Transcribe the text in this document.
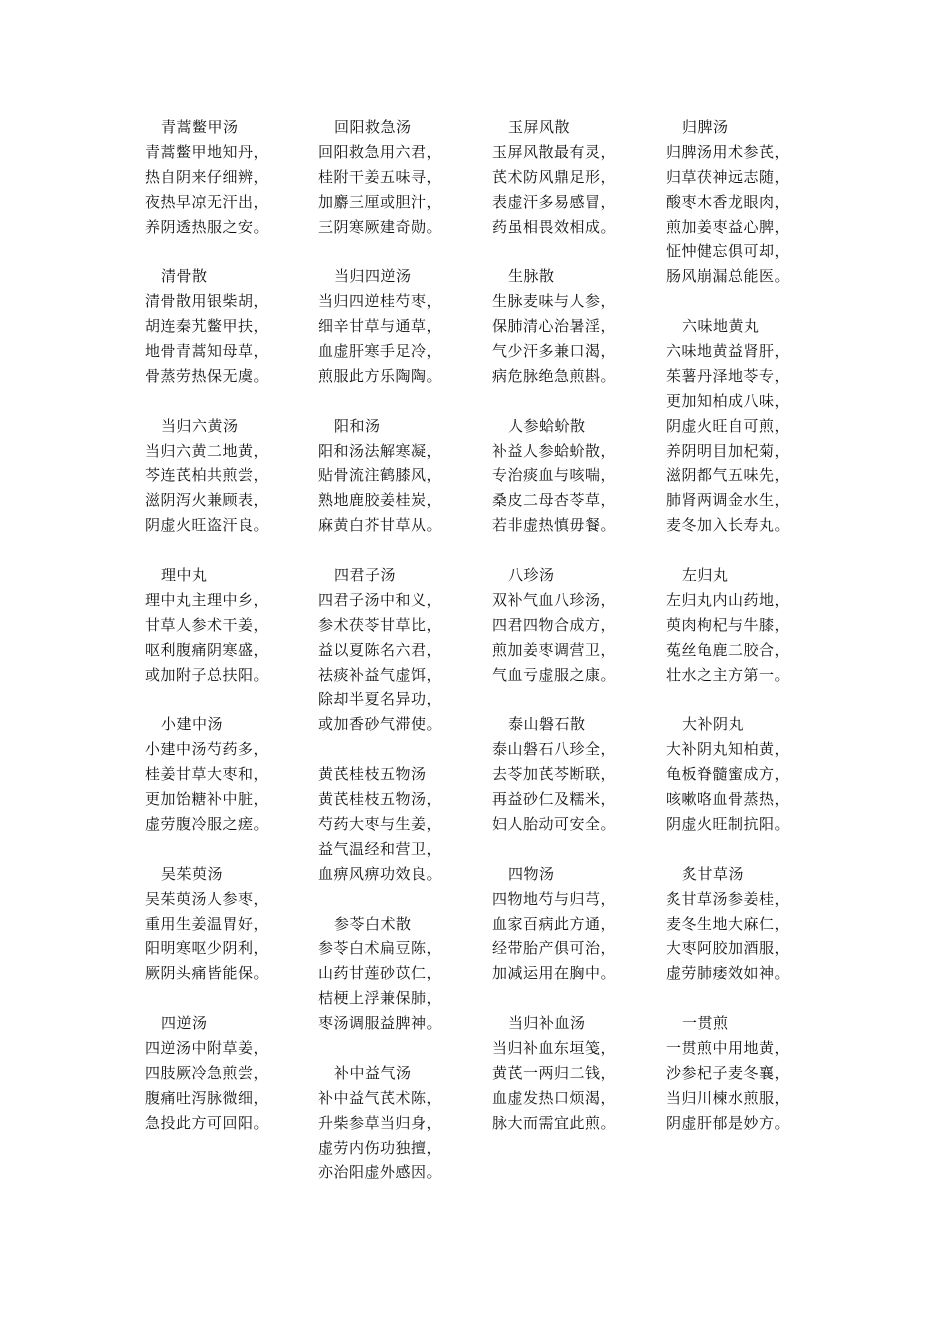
青蒿鳖甲汤
青蒿鳖甲地知丹，
热自阴来仔细辨，
夜热早凉无汗出，
养阴透热服之安。
清骨散
清骨散用银柴胡，
胡连秦艽鳖甲扶，
地骨青蒿知母草，
骨蒸劳热保无虞。
当归六黄汤
当归六黄二地黄，
芩连芪柏共煎尝，
滋阴泻火兼顾表，
阴虚火旺盗汗良。
理中丸
理中丸主理中乡，
甘草人参术干姜，
呕利腹痛阴寒盛，
或加附子总扶阳。
小建中汤
小建中汤芍药多，
桂姜甘草大枣和，
更加饴糖补中脏，
虚劳腹冷服之瘥。
吴茱萸汤
吴茱萸汤人参枣，
重用生姜温胃好，
阳明寒呕少阴利，
厥阴头痛皆能保。
四逆汤
四逆汤中附草姜，
四肢厥冷急煎尝，
腹痛吐泻脉微细，
急投此方可回阳。
回阳救急汤
回阳救急用六君，
桂附干姜五味寻，
加麝三厘或胆汁，
三阴寒厥建奇勋。
当归四逆汤
当归四逆桂芍枣，
细辛甘草与通草，
血虚肝寒手足冷，
煎服此方乐陶陶。
阳和汤
阳和汤法解寒凝，
贴骨流注鹤膝风，
熟地鹿胶姜桂炭，
麻黄白芥甘草从。
四君子汤
四君子汤中和义，
参术茯苓甘草比，
益以夏陈名六君，
祛痰补益气虚饵，
除却半夏名异功，
或加香砂气滞使。
黄芪桂枝五物汤
黄芪桂枝五物汤，
芍药大枣与生姜，
益气温经和营卫，
血痹风痹功效良。
参苓白术散
参苓白术扁豆陈，
山药甘莲砂苡仁，
桔梗上浮兼保肺，
枣汤调服益脾神。
补中益气汤
补中益气芪术陈，
升柴参草当归身，
虚劳内伤功独擅，
亦治阳虚外感因。
玉屏风散
玉屏风散最有灵，
芪术防风鼎足形，
表虚汗多易感冒，
药虽相畏效相成。
生脉散
生脉麦味与人参，
保肺清心治暑淫，
气少汗多兼口渴，
病危脉绝急煎斟。
人参蛤蚧散
补益人参蛤蚧散，
专治痰血与咳喘，
桑皮二母杏苓草，
若非虚热慎毋餐。
八珍汤
双补气血八珍汤，
四君四物合成方，
煎加姜枣调营卫，
气血亏虚服之康。
泰山磐石散
泰山磐石八珍全，
去苓加芪芩断联，
再益砂仁及糯米，
妇人胎动可安全。
四物汤
四物地芍与归芎，
血家百病此方通，
经带胎产俱可治，
加减运用在胸中。
当归补血汤
当归补血东垣笺，
黄芪一两归二钱，
血虚发热口烦渴，
脉大而需宜此煎。
归脾汤
归脾汤用术参芪，
归草茯神远志随，
酸枣木香龙眼肉，
煎加姜枣益心脾，
怔忡健忘俱可却，
肠风崩漏总能医。
六味地黄丸
六味地黄益肾肝，
茱薯丹泽地苓专，
更加知柏成八味，
阴虚火旺自可煎，
养阴明目加杞菊，
滋阴都气五味先，
肺肾两调金水生，
麦冬加入长寿丸。
左归丸
左归丸内山药地，
萸肉枸杞与牛膝，
菟丝龟鹿二胶合，
壮水之主方第一。
大补阴丸
大补阴丸知柏黄，
龟板脊髓蜜成方，
咳嗽咯血骨蒸热，
阴虚火旺制抗阳。
炙甘草汤
炙甘草汤参姜桂，
麦冬生地大麻仁，
大枣阿胶加酒服，
虚劳肺痿效如神。
一贯煎
一贯煎中用地黄，
沙参杞子麦冬襄，
当归川楝水煎服，
阴虚肝郁是妙方。
